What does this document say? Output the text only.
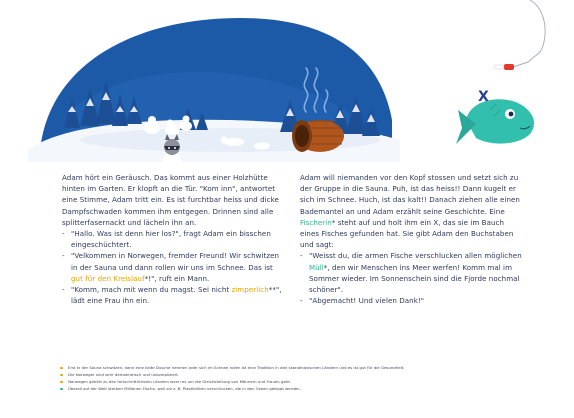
X

Adam hört ein Geräusch. Das kommt aus einer Holzhütte hinten im Garten. Er klopft an die Tür. "Kom inn", antwortet eine Stimme, Adam tritt ein. Es ist furchtbar heiss und dicke Dampfschwaden kommen ihm entgegen. Drinnen sind alle splitterfasernackt und lächeln ihn an.

- "Hallo. Was ist denn hier los?", fragt Adam ein bisschen eingeschüchtert.

- "Velkommen in Norwegen, fremder Freund! Wir schwitzen in der Sauna und dann rollen wir uns im Schnee. Das ist gut für den Kreislauf*!", ruft ein Mann.

- "Komm, mach mit wenn du magst. Sei nicht zimperlich**", lädt eine Frau ihn ein.

Adam will niemanden vor den Kopf stossen und setzt sich zu der Gruppe in die Sauna. Puh, ist das heiss!! Dann kugelt er sich im Schnee. Huch, ist das kalt!! Danach ziehen alle einen Bademantel an und Adam erzählt seine Geschichte. Eine Fischerin* steht auf und holt ihm ein X, das sie im Bauch eines Fisches gefunden hat. Sie gibt Adam den Buchstaben und sagt:

- "Weisst du, die armen Fische verschlucken allen möglichen Müll*, den wir Menschen ins Meer werfen! Komm mal im Sommer wieder. Im Sonnenschein sind die Fjorde nochmal schöner".

- "Abgemacht! Und vielen Dank!"

Erst in der Sauna schwitzen, dann eine kalte Dusche nehmen oder sich im Schnee rollen ist eine Tradition in den skandinavischen Ländern und es ist gut für die Gesundheit.
Die Norweger sind sehr demokratisch und unkompliziert.
Norwegen gehört zu den fortschrittlichsten Ländern wenn es um die Gleichstellung von Männern und Frauen geht.
Überall auf der Welt sterben Millionen Fische, weil sie z. B. Plastiktüten verschlucken, die in den Ozean gekippt werden.
